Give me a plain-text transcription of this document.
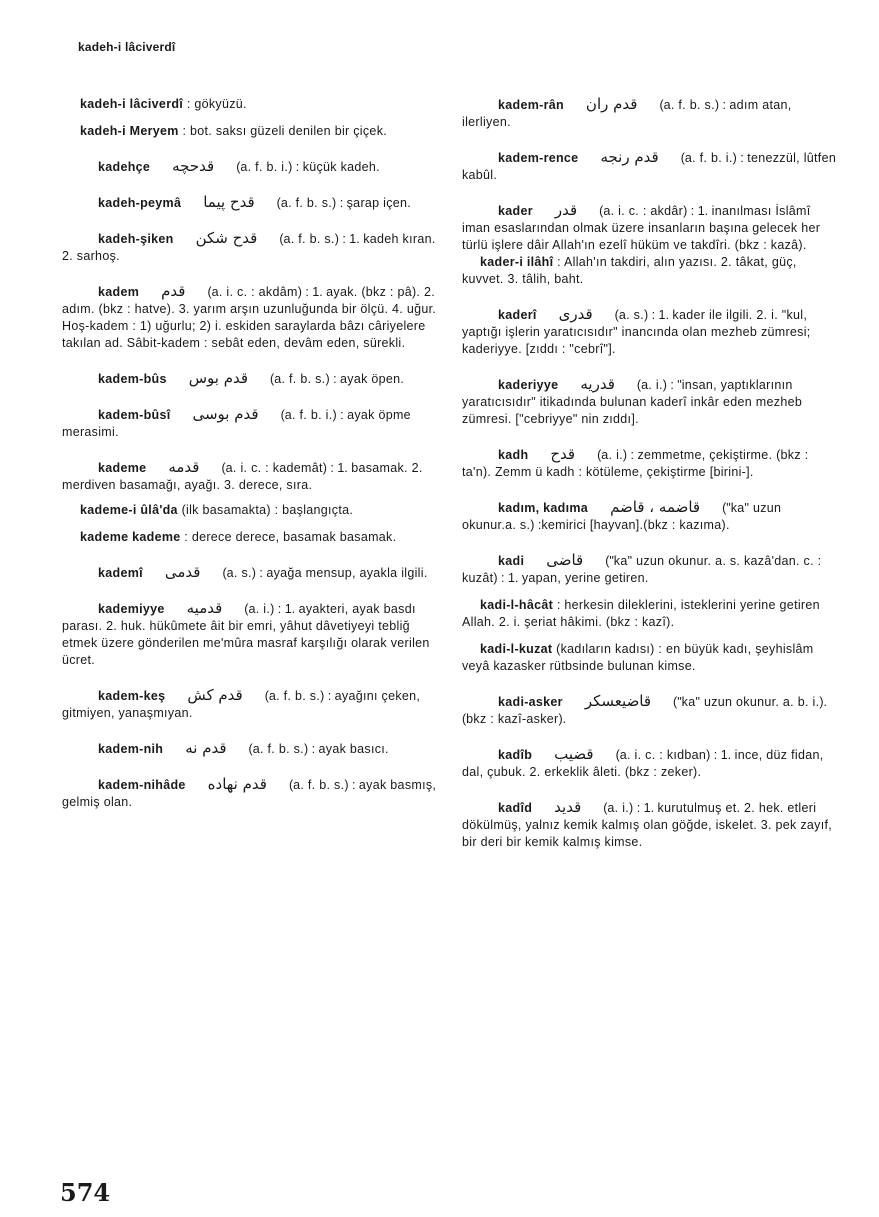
kadeh-i lâciverdî

kadeh-i lâciverdî : gökyüzü.

kadeh-i Meryem : bot. saksı güzeli denilen bir çiçek.

kadehçe قدحچه (a. f. b. i.) : küçük kadeh.

kadeh-peymâ قدح پيما (a. f. b. s.) : şarap içen.

kadeh-şiken قدح شكن (a. f. b. s.) : 1. kadeh kıran. 2. sarhoş.

kadem قدم (a. i. c. : akdâm) : 1. ayak. (bkz : pâ). 2. adım. (bkz : hatve). 3. yarım arşın uzunluğunda bir ölçü. 4. uğur. Hoş-kadem : 1) uğurlu; 2) i. eskiden saraylarda bâzı câriyelere takılan ad. Sâbit-kadem : sebât eden, devâm eden, sürekli.

kadem-bûs قدم بوس (a. f. b. s.) : ayak öpen.

kadem-bûsî قدم بوسى (a. f. b. i.) : ayak öpme merasimi.

kademe قدمه (a. i. c. : kademât) : 1. basamak. 2. merdiven basamağı, ayağı. 3. derece, sıra.

kademe-i ûlâ'da (ilk basamakta) : başlangıçta.

kademe kademe : derece derece, basamak basamak.

kademî قدمى (a. s.) : ayağa mensup, ayakla ilgili.

kademiyye قدميه (a. i.) : 1. ayakteri, ayak basdı parası. 2. huk. hükûmete âit bir emri, yâhut dâvetiyeyi tebliğ etmek üzere gönderilen me'mûra masraf karşılığı olarak verilen ücret.

kadem-keş قدم كش (a. f. b. s.) : ayağını çeken, gitmiyen, yanaşmıyan.

kadem-nih قدم نه (a. f. b. s.) : ayak basıcı.

kadem-nihâde قدم نهاده (a. f. b. s.) : ayak basmış, gelmiş olan.

kadem-rân قدم ران (a. f. b. s.) : adım atan, ilerliyen.

kadem-rence قدم رنجه (a. f. b. i.) : tenezzül, lûtfen kabûl.

kader قدر (a. i. c. : akdâr) : 1. inanılması İslâmî iman esaslarından olmak üzere insanların başına gelecek her türlü işlere dâir Allah'ın ezelî hüküm ve takdîri. (bkz : kazâ).

kader-i ilâhî : Allah'ın takdiri, alın yazısı. 2. tâkat, güç, kuvvet. 3. tâlih, baht.

kaderî قدرى (a. s.) : 1. kader ile ilgili. 2. i. "kul, yaptığı işlerin yaratıcısıdır" inancında olan mezheb zümresi; kaderiyye. [zıddı : "cebrî"].

kaderiyye قدريه (a. i.) : "insan, yaptıklarının yaratıcısıdır" itikadında bulunan kaderî inkâr eden mezheb zümresi. ["cebriyye" nin zıddı].

kadh قدح (a. i.) : zemmetme, çekiştirme. (bkz : ta'n). Zemm ü kadh : kötüleme, çekiştirme [birini-].

kadım, kadıma قاضمه ، قاضم ("ka" uzun okunur.a. s.) :kemirici [hayvan].(bkz : kazıma).

kadi قاضى ("ka" uzun okunur. a. s. kazâ'dan. c. : kuzât) : 1. yapan, yerine getiren.

kadi-l-hâcât : herkesin dileklerini, isteklerini yerine getiren Allah. 2. i. şeriat hâkimi. (bkz : kazî).

kadi-l-kuzat (kadıların kadısı) : en büyük kadı, şeyhislâm veyâ kazasker rütbsinde bulunan kimse.

kadi-asker قاضيعسكر ("ka" uzun okunur. a. b. i.). (bkz : kazî-asker).

kadîb قضيب (a. i. c. : kıdban) : 1. ince, düz fidan, dal, çubuk. 2. erkeklik âleti. (bkz : zeker).

kadîd قديد (a. i.) : 1. kurutulmuş et. 2. hek. etleri dökülmüş, yalnız kemik kalmış olan göğde, iskelet. 3. pek zayıf, bir deri bir kemik kalmış kimse.

574
